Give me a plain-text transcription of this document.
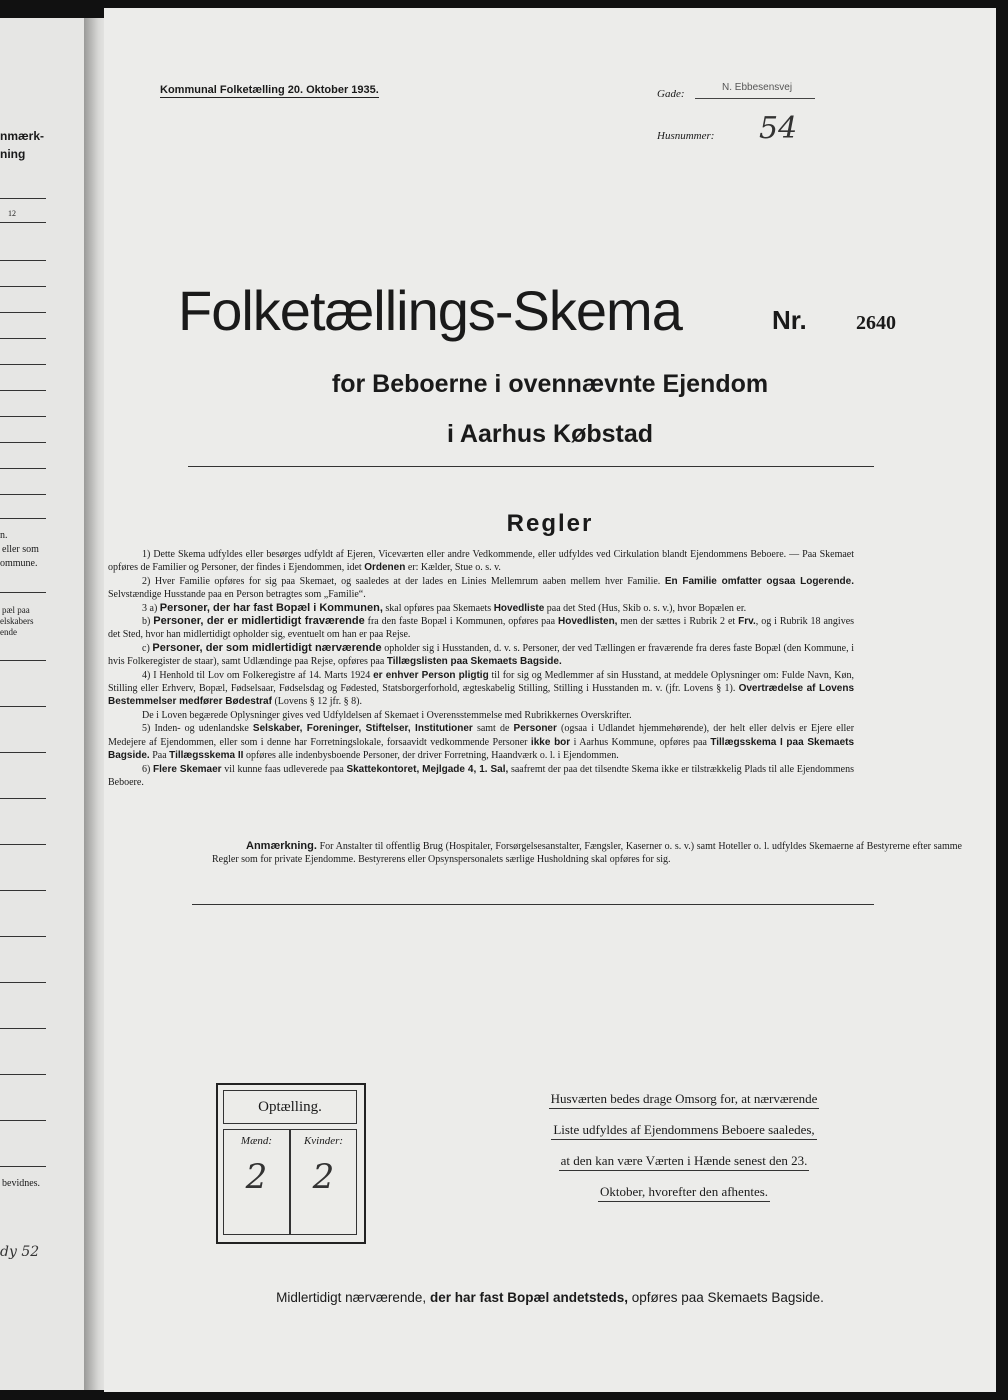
nmærk-
ning
12
n.
eller som
ommune.
pæl paa
elskabers
ende
bevidnes.
dy 52
Kommunal Folketælling 20. Oktober 1935.	Gade:
N. Ebbesensvej
Husnummer: 54
Folketællings-Skema	Nr. 2640
for Beboerne i ovennævnte Ejendom
i Aarhus Købstad
Regler

1) Dette Skema udfyldes eller besørges udfyldt af Ejeren, Viceværten eller andre Vedkommende, eller udfyldes ved Cirkulation blandt Ejendommens Beboere. — Paa Skemaet opføres de Familier og Personer, der findes i Ejendommen, idet Ordenen er: Kælder, Stue o. s. v.

2) Hver Familie opføres for sig paa Skemaet, og saaledes at der lades en Linies Mellemrum aaben mellem hver Familie. En Familie omfatter ogsaa Logerende. Selvstændige Husstande paa en Person betragtes som „Familie“.

3 a) Personer, der har fast Bopæl i Kommunen, skal opføres paa Skemaets Hovedliste paa det Sted (Hus, Skib o. s. v.), hvor Bopælen er.

b) Personer, der er midlertidigt fraværende fra den faste Bopæl i Kommunen, opføres paa Hovedlisten, men der sættes i Rubrik 2 et Frv., og i Rubrik 18 angives det Sted, hvor han midlertidigt opholder sig, eventuelt om han er paa Rejse.

c) Personer, der som midlertidigt nærværende opholder sig i Husstanden, d. v. s. Personer, der ved Tællingen er fraværende fra deres faste Bopæl (den Kommune, i hvis Folkeregister de staar), samt Udlændinge paa Rejse, opføres paa Tillægslisten paa Skemaets Bagside.

4) I Henhold til Lov om Folkeregistre af 14. Marts 1924 er enhver Person pligtig til for sig og Medlemmer af sin Husstand, at meddele Oplysninger om: Fulde Navn, Køn, Stilling eller Erhverv, Bopæl, Fødselsaar, Fødselsdag og Fødested, Statsborgerforhold, ægteskabelig Stilling, Stilling i Husstanden m. v. (jfr. Lovens § 1). Overtrædelse af Lovens Bestemmelser medfører Bødestraf (Lovens § 12 jfr. § 8).

De i Loven begærede Oplysninger gives ved Udfyldelsen af Skemaet i Overensstemmelse med Rubrikkernes Overskrifter.

5) Inden- og udenlandske Selskaber, Foreninger, Stiftelser, Institutioner samt de Personer (ogsaa i Udlandet hjemmehørende), der helt eller delvis er Ejere eller Medejere af Ejendommen, eller som i denne har Forretningslokale, forsaavidt vedkommende Personer ikke bor i Aarhus Kommune, opføres paa Tillægsskema I paa Skemaets Bagside. Paa Tillægsskema II opføres alle indenbysboende Personer, der driver Forretning, Haandværk o. l. i Ejendommen.

6) Flere Skemaer vil kunne faas udleverede paa Skattekontoret, Mejlgade 4, 1. Sal, saafremt der paa det tilsendte Skema ikke er tilstrækkelig Plads til alle Ejendommens Beboere.

Anmærkning. For Anstalter til offentlig Brug (Hospitaler, Forsørgelsesanstalter, Fængsler, Kaserner o. s. v.) samt Hoteller o. l. udfyldes Skemaerne af Bestyrerne efter samme Regler som for private Ejendomme. Bestyrerens eller Opsynspersonalets særlige Husholdning skal opføres for sig.
Optælling.
Mænd:
2
Kvinder:
2
Husværten bedes drage Omsorg for, at nærværende Liste udfyldes af Ejendommens Beboere saaledes, at den kan være Værten i Hænde senest den 23. Oktober, hvorefter den afhentes.
Midlertidigt nærværende, der har fast Bopæl andetsteds, opføres paa Skemaets Bagside.
